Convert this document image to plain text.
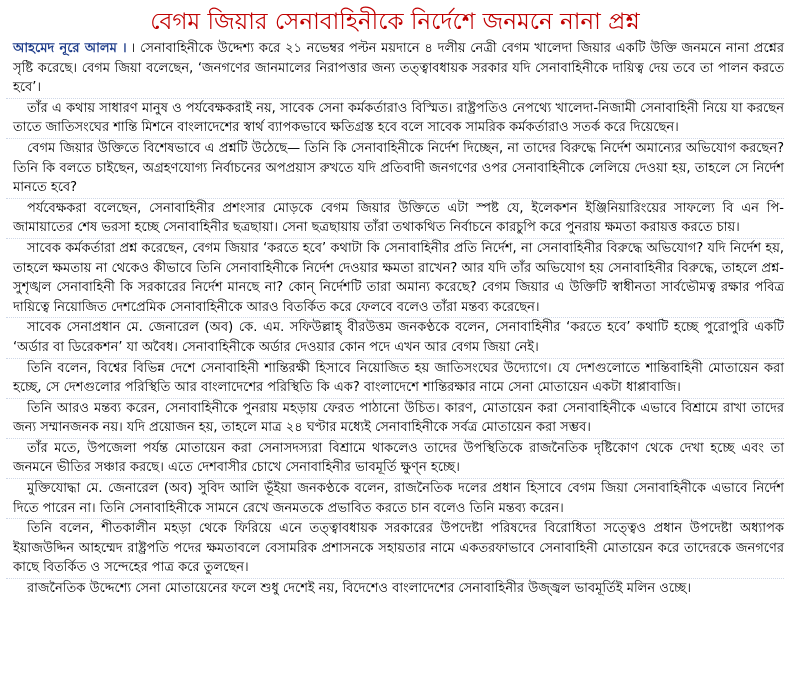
বেগম জিয়ার সেনাবাহিনীকে নির্দেশে জনমনে নানা প্রশ্ন

আহমেদ নূরে আলম । । সেনাবাহিনীকে উদ্দেশ্য করে ২১ নভেম্বর পল্টন ময়দানে ৪ দলীয় নেত্রী বেগম খালেদা জিয়ার একটি উক্তি জনমনে নানা প্রশ্নের সৃষ্টি করেছে। বেগম জিয়া বলেছেন, ‘জনগণের জানমালের নিরাপত্তার জন্য তত্ত্বাবধায়ক সরকার যদি সেনাবাহিনীকে দায়িত্ব দেয় তবে তা পালন করতে হবে’।

তাঁর এ কথায় সাধারণ মানুষ ও পর্যবেক্ষকরাই নয়, সাবেক সেনা কর্মকর্তারাও বিস্মিত। রাষ্ট্রপতিও নেপথ্যে খালেদা-নিজামী সেনাবাহিনী নিয়ে যা করছেন তাতে জাতিসংঘের শান্তি মিশনে বাংলাদেশের স্বার্থ ব্যাপকভাবে ক্ষতিগ্রস্ত হবে বলে সাবেক সামরিক কর্মকর্তারাও সতর্ক করে দিয়েছেন।

বেগম জিয়ার উক্তিতে বিশেষভাবে এ প্রশ্নটি উঠেছে— তিনি কি সেনাবাহিনীকে নির্দেশ দিচ্ছেন, না তাদের বিরুদ্ধে নির্দেশ অমান্যের অভিযোগ করছেন? তিনি কি বলতে চাইছেন, অগ্রহণযোগ্য নির্বাচনের অপপ্রয়াস রুখতে যদি প্রতিবাদী জনগণের ওপর সেনাবাহিনীকে লেলিয়ে দেওয়া হয়, তাহলে সে নির্দেশ মানতে হবে?

পর্যবেক্ষকরা বলেছেন, সেনাবাহিনীর প্রশংসার মোড়কে বেগম জিয়ার উক্তিতে এটা স্পষ্ট যে, ইলেকশন ইঞ্জিনিয়ারিংয়ের সাফল্যে বি এন পি-জামায়াতের শেষ ভরসা হচ্ছে সেনাবাহিনীর ছত্রছায়া। সেনা ছত্রছায়ায় তাঁরা তথাকথিত নির্বাচনে কারচুপি করে পুনরায় ক্ষমতা করায়ত্ত করতে চায়।

সাবেক কর্মকর্তারা প্রশ্ন করেছেন, বেগম জিয়ার ‘করতে হবে’ কথাটা কি সেনাবাহিনীর প্রতি নির্দেশ, না সেনাবাহিনীর বিরুদ্ধে অভিযোগ? যদি নির্দেশ হয়, তাহলে ক্ষমতায় না থেকেও কীভাবে তিনি সেনাবাহিনীকে নির্দেশ দেওয়ার ক্ষমতা রাখেন? আর যদি তাঁর অভিযোগ হয় সেনাবাহিনীর বিরুদ্ধে, তাহলে প্রশ্ন-সুশৃঙ্খল সেনাবাহিনী কি সরকারের নির্দেশ মানছে না? কোন্‌ নির্দেশটি তারা অমান্য করেছে? বেগম জিয়ার এ উক্তিটি স্বাধীনতা সার্বভৌমত্ব রক্ষার পবিত্র দায়িত্বে নিয়োজিত দেশপ্রেমিক সেনাবাহিনীকে আরও বিতর্কিত করে ফেলবে বলেও তাঁরা মন্তব্য করেছেন।

সাবেক সেনাপ্রধান মে. জেনারেল (অব) কে. এম. সফিউল্লাহ্‌ বীরউত্তম জনকণ্ঠকে বলেন, সেনাবাহিনীর ‘করতে হবে’ কথাটি হচ্ছে পুরোপুরি একটি ‘অর্ডার বা ডিরেকশন’ যা অবৈধ। সেনাবাহিনীকে অর্ডার দেওয়ার কোন পদে এখন আর বেগম জিয়া নেই।

তিনি বলেন, বিশ্বের বিভিন্ন দেশে সেনাবাহিনী শান্তিরক্ষী হিসাবে নিয়োজিত হয় জাতিসংঘের উদ্যোগে। যে দেশগুলোতে শান্তিবাহিনী মোতায়েন করা হচ্ছে, সে দেশগুলোর পরিস্থিতি আর বাংলাদেশের পরিস্থিতি কি এক? বাংলাদেশে শান্তিরক্ষার নামে সেনা মোতায়েন একটা ধাপ্পাবাজি।

তিনি আরও মন্তব্য করেন, সেনাবাহিনীকে পুনরায় মহড়ায় ফেরত পাঠানো উচিত। কারণ, মোতায়েন করা সেনাবাহিনীকে এভাবে বিশ্রামে রাখা তাদের জন্য সম্মানজনক নয়। যদি প্রয়োজন হয়, তাহলে মাত্র ২৪ ঘণ্টার মধ্যেই সেনাবাহিনীকে সর্বত্র মোতায়েন করা সম্ভব।

তাঁর মতে, উপজেলা পর্যন্ত মোতায়েন করা সেনাসদস্যরা বিশ্রামে থাকলেও তাদের উপস্থিতিকে রাজনৈতিক দৃষ্টিকোণ থেকে দেখা হচ্ছে এবং তা জনমনে ভীতির সঞ্চার করছে। এতে দেশবাসীর চোখে সেনাবাহিনীর ভাবমূর্তি ক্ষুণ্ন হচ্ছে।

মুক্তিযোদ্ধা মে. জেনারেল (অব) সুবিদ আলি ভূঁইয়া জনকণ্ঠকে বলেন, রাজনৈতিক দলের প্রধান হিসাবে বেগম জিয়া সেনাবাহিনীকে এভাবে নির্দেশ দিতে পারেন না। তিনি সেনাবাহিনীকে সামনে রেখে জনমতকে প্রভাবিত করতে চান বলেও তিনি মন্তব্য করেন।

তিনি বলেন, শীতকালীন মহড়া থেকে ফিরিয়ে এনে তত্ত্বাবধায়ক সরকারের উপদেষ্টা পরিষদের বিরোধিতা সত্ত্বেও প্রধান উপদেষ্টা অধ্যাপক ইয়াজউদ্দিন আহম্মেদ রাষ্ট্রপতি পদের ক্ষমতাবলে বেসামরিক প্রশাসনকে সহায়তার নামে একতরফাভাবে সেনাবাহিনী মোতায়েন করে তাদেরকে জনগণের কাছে বিতর্কিত ও সন্দেহের পাত্র করে তুলছেন।

রাজনৈতিক উদ্দেশ্যে সেনা মোতায়েনের ফলে শুধু দেশেই নয়, বিদেশেও বাংলাদেশের সেনাবাহিনীর উজ্জ্বল ভাবমূর্তিই মলিন ওচ্ছে।
